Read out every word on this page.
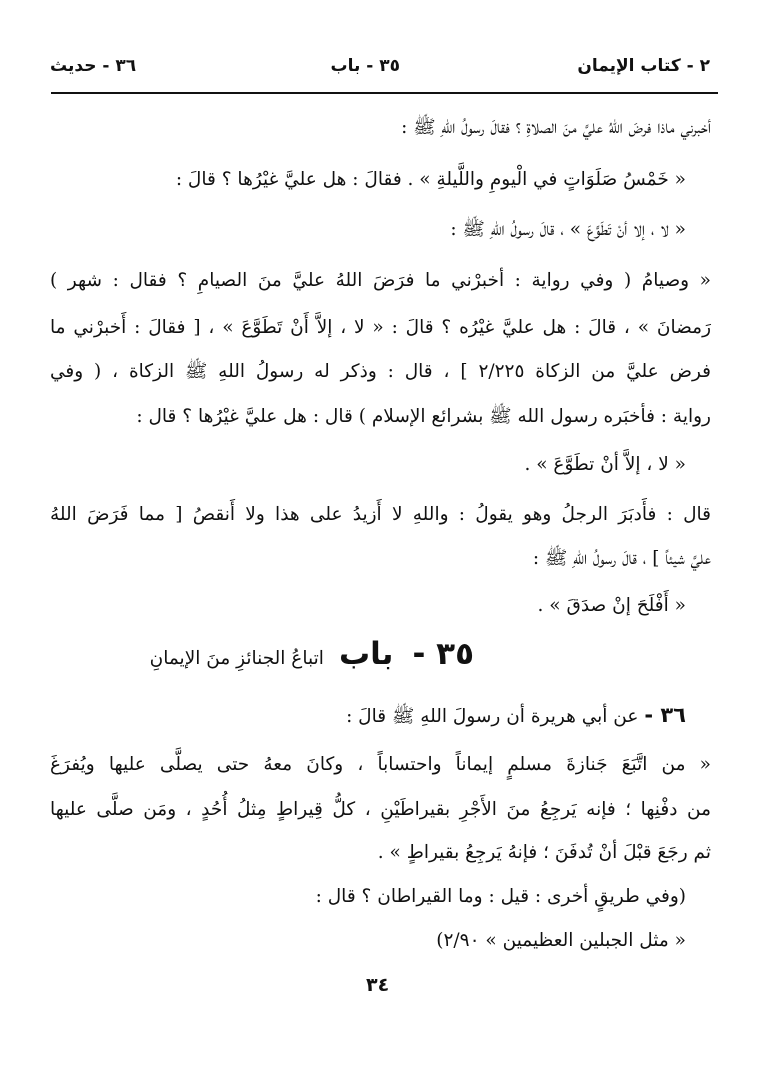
٢ - كتاب الإيمان
٣٥ - باب
٣٦ - حديث
أخبرني ماذا فرضَ اللهُ عليَّ منَ الصلاةِ ؟ فقالَ رسولُ اللهِ ﷺ :
« خَمْسُ صَلَوَاتٍ في الْيومِ واللَّيلةِ » . فقالَ : هل عليَّ غيْرُها ؟ قالَ :
« لا ، إلا أنْ تَطَوَّعَ » ، قالَ رسولُ اللهِ ﷺ :
« وصيامُ ( وفي رواية : أخبرْني ما فرَضَ اللهُ عليَّ منَ الصيامِ ؟ فقال : شهر )
رَمضانَ » ، قالَ : هل عليَّ غيْرُه ؟ قالَ : « لا ، إلاَّ أَنْ تَطَوَّعَ » ، [ فقالَ : أَخبرْني ما
فرض عليَّ من الزكاة ٢/٢٢٥ ] ، قال : وذكر له رسولُ اللهِ ﷺ الزكاة ، ( وفي
رواية : فأخبَره رسول الله ﷺ بشرائع الإسلام ) قال : هل عليَّ غيْرُها ؟ قال :
« لا ، إلاَّ أنْ تطَوَّعَ » .
قال : فأَدبَرَ الرجلُ وهو يقولُ : واللهِ لا أَزيدُ على هذا ولا أَنقصُ [ مما فَرَضَ اللهُ
عليَّ شيئاً ] ، قالَ رسولُ اللهِ ﷺ :
« أَفْلَحَ إنْ صدَقَ » .
٣٥ - باب اتباعُ الجنائزِ منَ الإيمانِ
٣٦ - عن أبي هريرة أن رسولَ اللهِ ﷺ قالَ :
« من اتَّبَعَ جَنازةَ مسلمٍ إيماناً واحتساباً ، وكانَ معهُ حتى يصلَّى عليها ويُفرَغَ
من دفْنِها ؛ فإنه يَرجِعُ منَ الأَجْرِ بقيراطَيْنِ ، كلُّ قِيراطٍ مِثلُ أُحُدٍ ، ومَن صلَّى عليها
ثم رجَعَ قبْلَ أنْ تُدفَنَ ؛ فإنهُ يَرجِعُ بقيراطٍ » .
(وفي طريقٍ أخرى : قيل : وما القيراطان ؟ قال :
« مثل الجبلين العظيمين » ٢/٩٠)
٣٤
